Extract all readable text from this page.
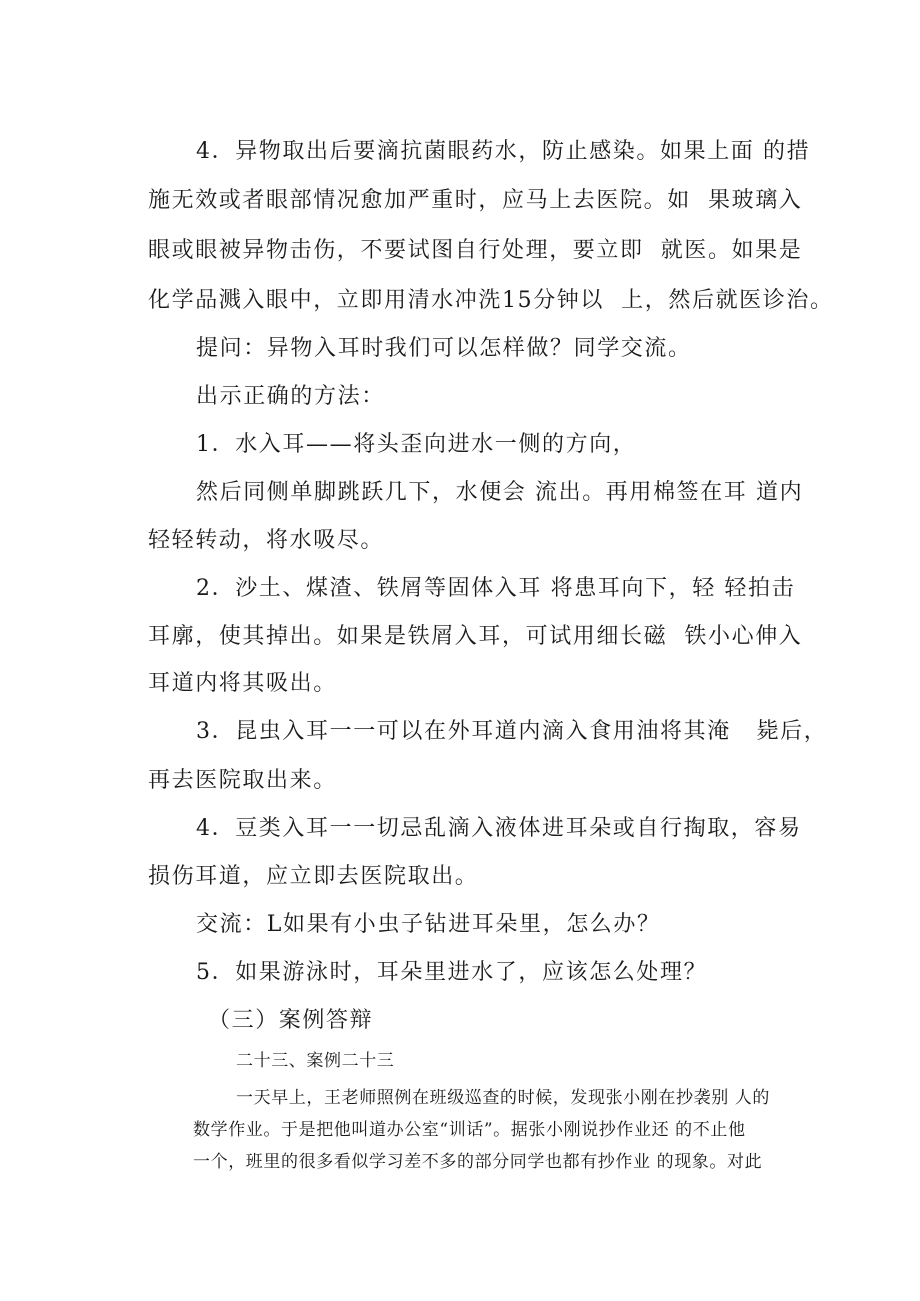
4．异物取出后要滴抗菌眼药水，防止感染。如果上面 的措

施无效或者眼部情况愈加严重时，应马上去医院。如  果玻璃入

眼或眼被异物击伤，不要试图自行处理，要立即  就医。如果是

化学品溅入眼中，立即用清水冲洗15分钟以  上，然后就医诊治。

提问：异物入耳时我们可以怎样做？同学交流。

出示正确的方法：

1．水入耳——将头歪向进水一侧的方向，

然后同侧单脚跳跃几下，水便会 流出。再用棉签在耳 道内

轻轻转动，将水吸尽。

2．沙土、煤渣、铁屑等固体入耳 将患耳向下，轻 轻拍击

耳廓，使其掉出。如果是铁屑入耳，可试用细长磁  铁小心伸入

耳道内将其吸出。

3．昆虫入耳一一可以在外耳道内滴入食用油将其淹   毙后，

再去医院取出来。

4．豆类入耳一一切忌乱滴入液体进耳朵或自行掏取，容易

损伤耳道，应立即去医院取出。

交流：L如果有小虫子钻进耳朵里，怎么办？

5．如果游泳时，耳朵里进水了，应该怎么处理？

（三）案例答辩

二十三、案例二十三

一天早上，王老师照例在班级巡查的时候，发现张小刚在抄袭别 人的

数学作业。于是把他叫道办公室“训话”。据张小刚说抄作业还 的不止他

一个，班里的很多看似学习差不多的部分同学也都有抄作业 的现象。对此
